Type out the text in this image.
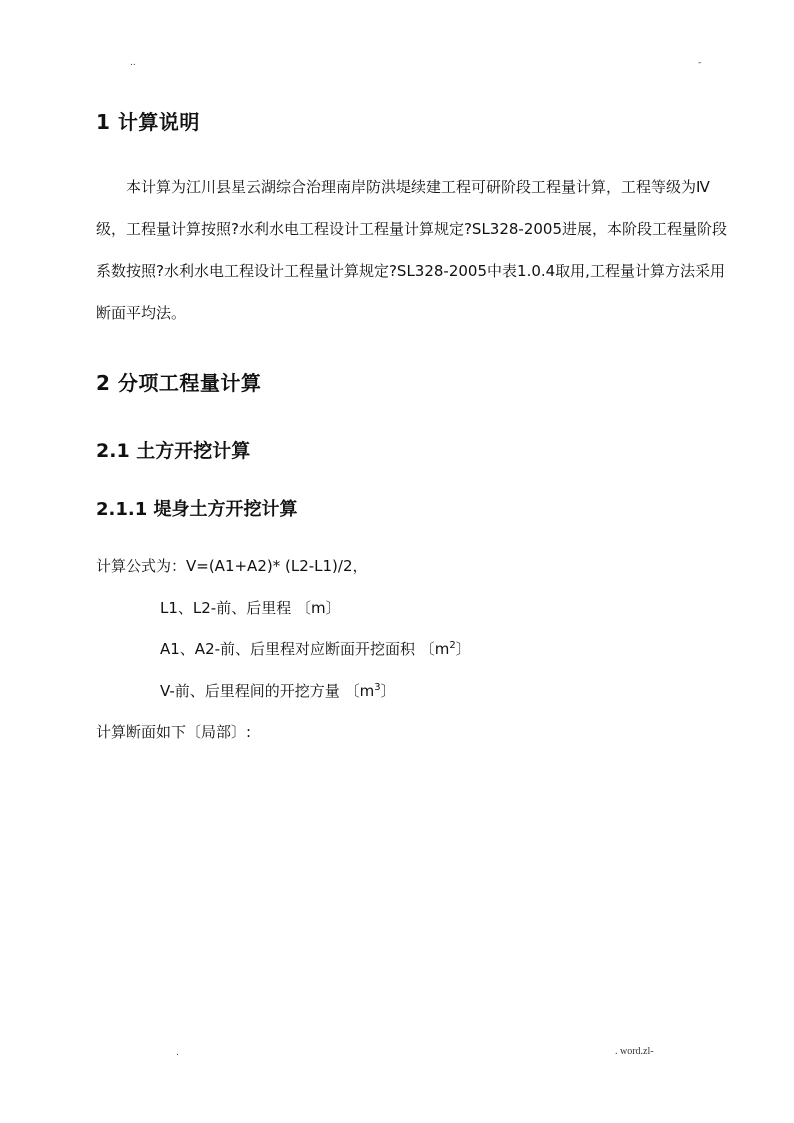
..	-
1 计算说明
本计算为江川县星云湖综合治理南岸防洪堤续建工程可研阶段工程量计算，工程等级为Ⅳ级，工程量计算按照?水利水电工程设计工程量计算规定?SL328-2005进展，本阶段工程量阶段系数按照?水利水电工程设计工程量计算规定?SL328-2005中表1.0.4取用,工程量计算方法采用断面平均法。
2 分项工程量计算
2.1 土方开挖计算
2.1.1 堤身土方开挖计算
计算公式为：V=(A1+A2)* (L2-L1)/2，
L1、L2-前、后里程 〔m〕
A1、A2-前、后里程对应断面开挖面积 〔$m^2$〕
V-前、后里程间的开挖方量 〔$m^3$〕
计算断面如下〔局部〕:
.	. word.zl-
